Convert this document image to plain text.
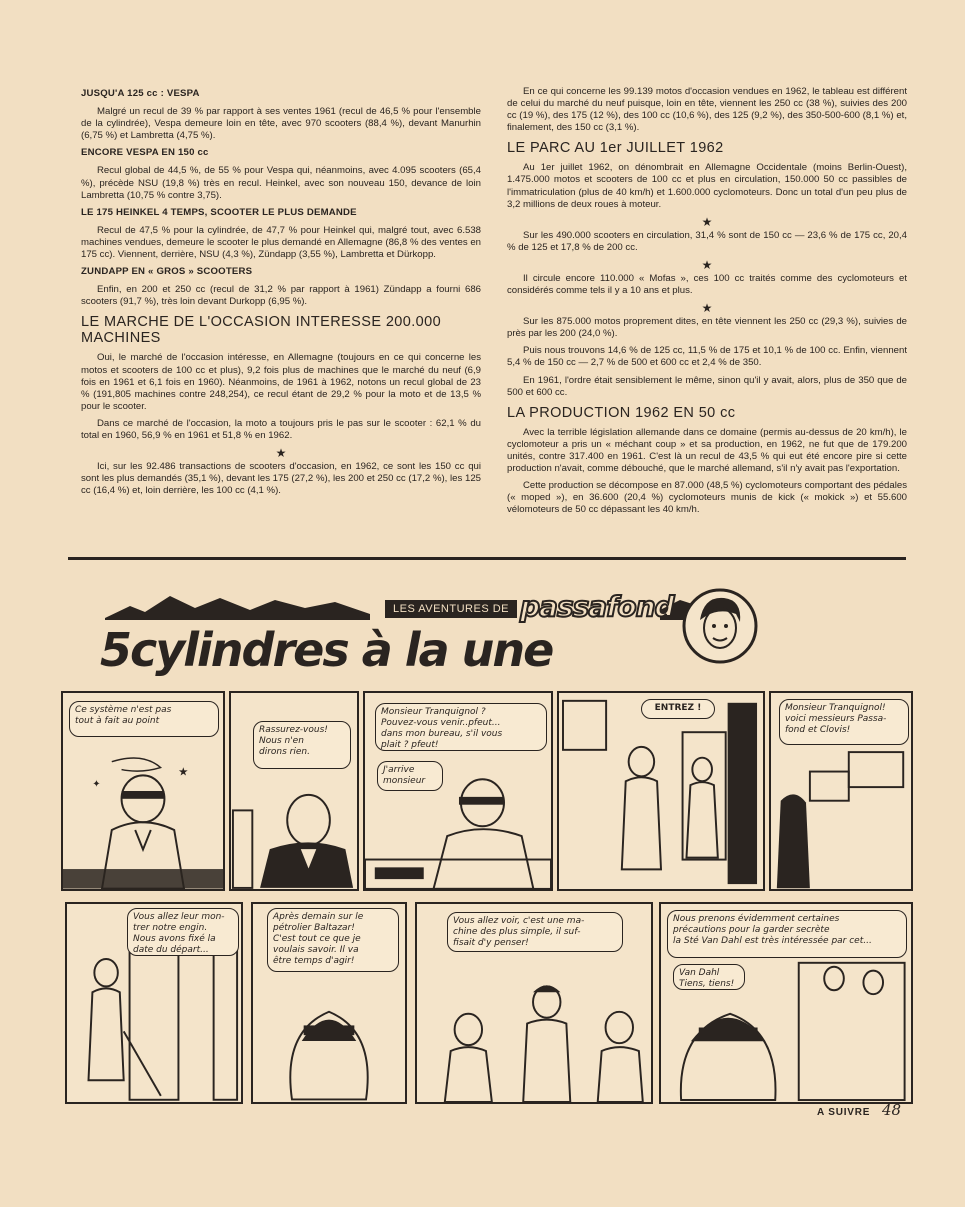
JUSQU'A 125 cc : VESPA
Malgré un recul de 39 % par rapport à ses ventes 1961 (recul de 46,5 % pour l'ensemble de la cylindrée), Vespa demeure loin en tête, avec 970 scooters (88,4 %), devant Manurhin (6,75 %) et Lambretta (4,75 %).
ENCORE VESPA EN 150 cc
Recul global de 44,5 %, de 55 % pour Vespa qui, néanmoins, avec 4.095 scooters (65,4 %), précède NSU (19,8 %) très en recul. Heinkel, avec son nouveau 150, devance de loin Lambretta (10,75 % contre 3,75).
LE 175 HEINKEL 4 TEMPS, SCOOTER LE PLUS DEMANDE
Recul de 47,5 % pour la cylindrée, de 47,7 % pour Heinkel qui, malgré tout, avec 6.538 machines vendues, demeure le scooter le plus demandé en Allemagne (86,8 % des ventes en 175 cc). Viennent, derrière, NSU (4,3 %), Zündapp (3,55 %), Lambretta et Dürkopp.
ZUNDAPP EN « GROS » SCOOTERS
Enfin, en 200 et 250 cc (recul de 31,2 % par rapport à 1961) Zündapp a fourni 686 scooters (91,7 %), très loin devant Durkopp (6,95 %).
LE MARCHE DE L'OCCASION INTERESSE 200.000 MACHINES
Oui, le marché de l'occasion intéresse, en Allemagne (toujours en ce qui concerne les motos et scooters de 100 cc et plus), 9,2 fois plus de machines que le marché du neuf (6,9 fois en 1961 et 6,1 fois en 1960). Néanmoins, de 1961 à 1962, notons un recul global de 23 % (191,805 machines contre 248,254), ce recul étant de 29,2 % pour la moto et de 13,5 % pour le scooter.
Dans ce marché de l'occasion, la moto a toujours pris le pas sur le scooter : 62,1 % du total en 1960, 56,9 % en 1961 et 51,8 % en 1962.
★
Ici, sur les 92.486 transactions de scooters d'occasion, en 1962, ce sont les 150 cc qui sont les plus demandés (35,1 %), devant les 175 (27,2 %), les 200 et 250 cc (17,2 %), les 125 cc (16,4 %) et, loin derrière, les 100 cc (4,1 %).
En ce qui concerne les 99.139 motos d'occasion vendues en 1962, le tableau est différent de celui du marché du neuf puisque, loin en tête, viennent les 250 cc (38 %), suivies des 200 cc (19 %), des 175 (12 %), des 100 cc (10,6 %), des 125 (9,2 %), des 350-500-600 (8,1 %) et, finalement, des 150 cc (3,1 %).
LE PARC AU 1er JUILLET 1962
Au 1er juillet 1962, on dénombrait en Allemagne Occidentale (moins Berlin-Ouest), 1.475.000 motos et scooters de 100 cc et plus en circulation, 150.000 50 cc passibles de l'immatriculation (plus de 40 km/h) et 1.600.000 cyclomoteurs. Donc un total d'un peu plus de 3,2 millions de deux roues à moteur.
★
Sur les 490.000 scooters en circulation, 31,4 % sont de 150 cc — 23,6 % de 175 cc, 20,4 % de 125 et 17,8 % de 200 cc.
★
Il circule encore 110.000 « Mofas », ces 100 cc traités comme des cyclomoteurs et considérés comme tels il y a 10 ans et plus.
★
Sur les 875.000 motos proprement dites, en tête viennent les 250 cc (29,3 %), suivies de près par les 200 (24,0 %).
Puis nous trouvons 14,6 % de 125 cc, 11,5 % de 175 et 10,1 % de 100 cc. Enfin, viennent 5,4 % de 150 cc — 2,7 % de 500 et 600 cc et 2,4 % de 350.
En 1961, l'ordre était sensiblement le même, sinon qu'il y avait, alors, plus de 350 que de 500 et 600 cc.
LA PRODUCTION 1962 EN 50 cc
Avec la terrible législation allemande dans ce domaine (permis au-dessus de 20 km/h), le cyclomoteur a pris un « méchant coup » et sa production, en 1962, ne fut que de 179.200 unités, contre 317.400 en 1961. C'est là un recul de 43,5 % qui eut été encore pire si cette production n'avait, comme débouché, que le marché allemand, s'il n'y avait pas l'exportation.
Cette production se décompose en 87.000 (48,5 %) cyclomoteurs comportant des pédales (« moped »), en 36.600 (20,4 %) cyclomoteurs munis de kick (« mokick ») et 55.600 vélomoteurs de 50 cc dépassant les 40 km/h.
LES AVENTURES DE passafond
5cylindres à la une
★
✦
Ce système n'est pas
tout à fait au point
Rassurez-vous!
Nous n'en
dirons rien.
Monsieur Tranquignol ?
Pouvez-vous venir..pfeut...
dans mon bureau, s'il vous
plait ? pfeut!
J'arrive
monsieur
ENTREZ !	Monsieur Tranquignol!
voici messieurs Passa-
fond et Clovis!
Vous allez leur mon-
trer notre engin.
Nous avons fixé la
date du départ...
Après demain sur le
pétrolier Baltazar!
C'est tout ce que je
voulais savoir. Il va
être temps d'agir!
Vous allez voir, c'est une ma-
chine des plus simple, il suf-
fisait d'y penser!
Nous prenons évidemment certaines
précautions pour la garder secrète
la Sté Van Dahl est très intéressée par cet...
Van Dahl
Tiens, tiens!
A SUIVRE 48
